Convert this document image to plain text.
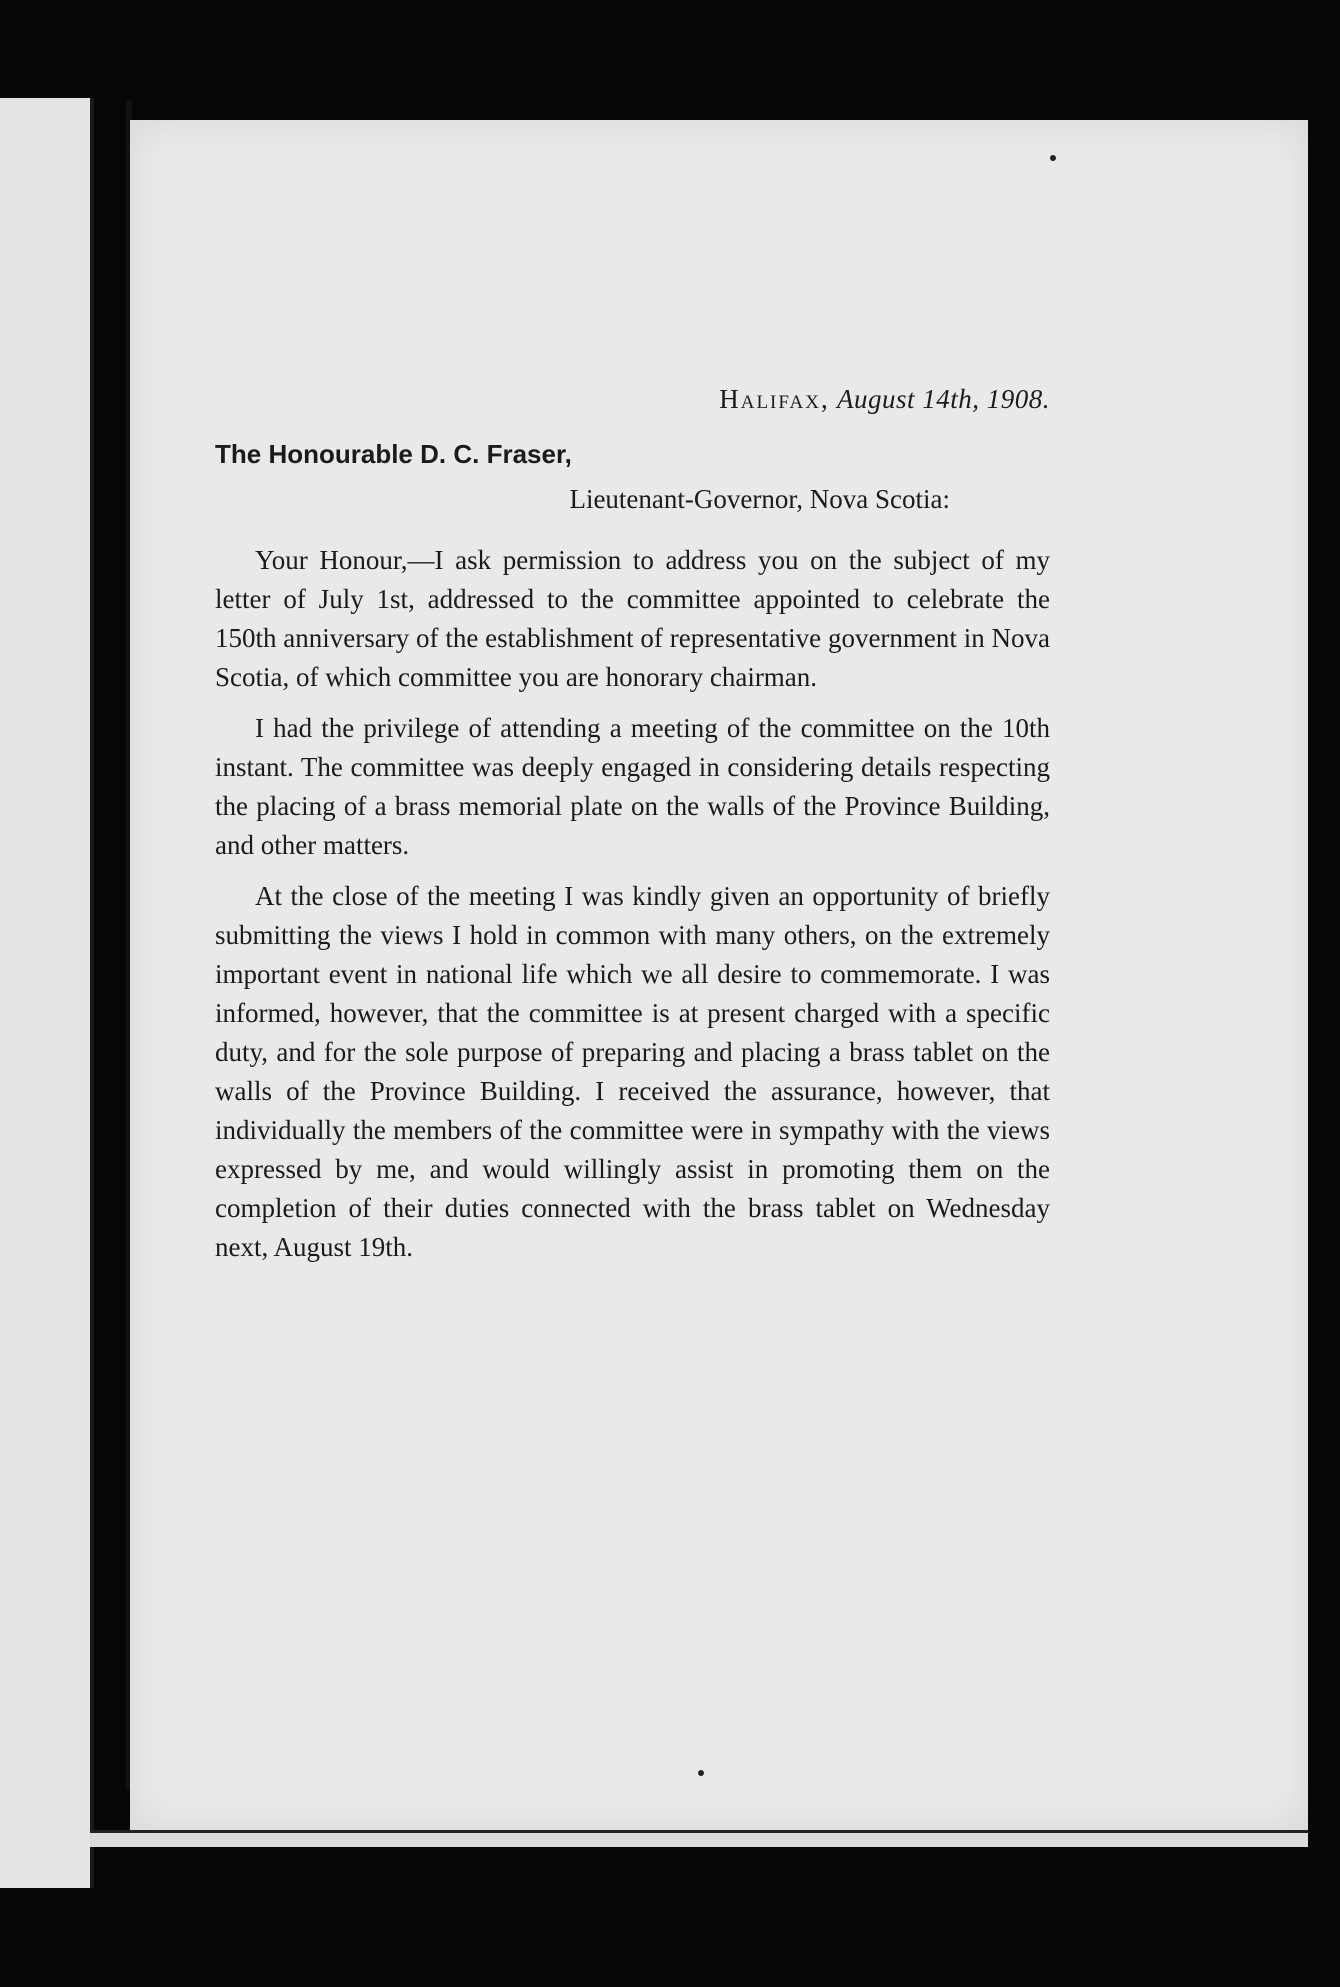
Halifax, August 14th, 1908.

The Honourable D. C. Fraser,

Lieutenant-Governor, Nova Scotia:

Your Honour,—I ask permission to address you on the subject of my letter of July 1st, addressed to the committee appointed to celebrate the 150th anniversary of the establishment of representative government in Nova Scotia, of which committee you are honorary chairman.

I had the privilege of attending a meeting of the committee on the 10th instant. The committee was deeply engaged in considering details respecting the placing of a brass memorial plate on the walls of the Province Building, and other matters.

At the close of the meeting I was kindly given an opportunity of briefly submitting the views I hold in common with many others, on the extremely important event in national life which we all desire to commemorate. I was informed, however, that the committee is at present charged with a specific duty, and for the sole purpose of preparing and placing a brass tablet on the walls of the Province Building. I received the assurance, however, that individually the members of the committee were in sympathy with the views expressed by me, and would willingly assist in promoting them on the completion of their duties connected with the brass tablet on Wednesday next, August 19th.
